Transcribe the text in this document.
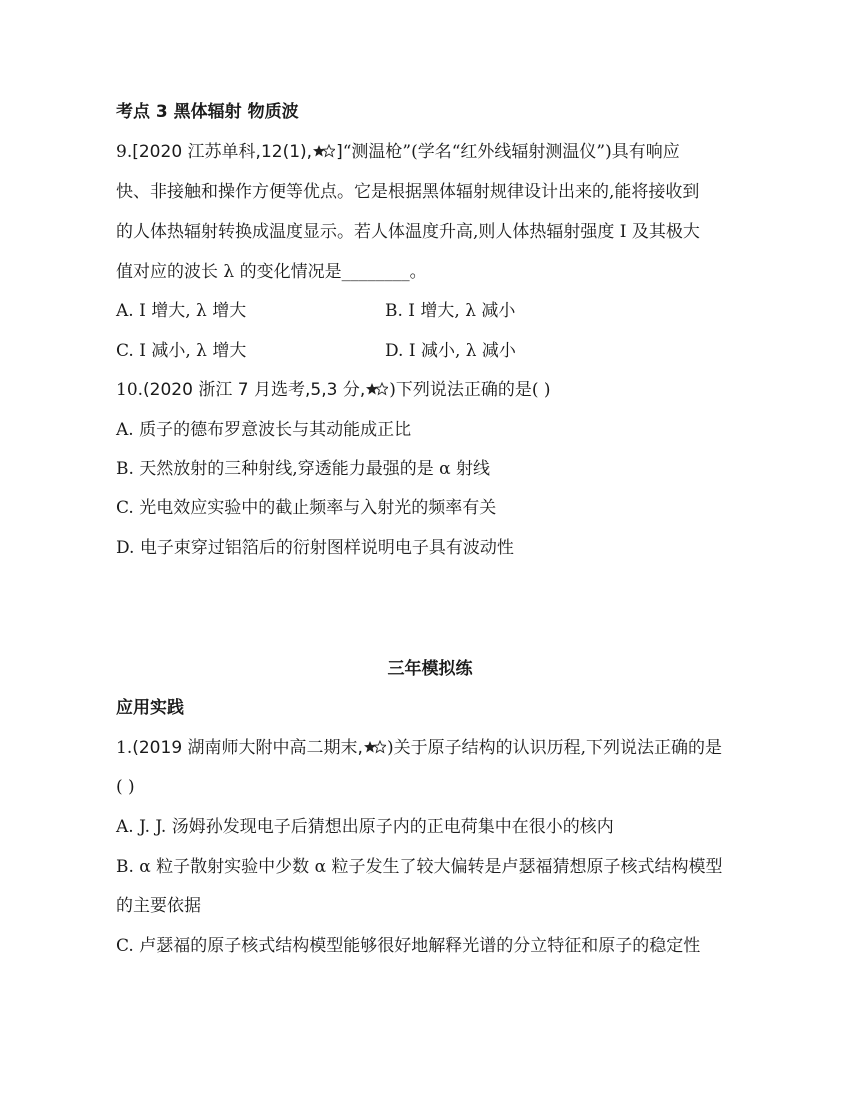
考点 3 黑体辐射 物质波
9.[2020 江苏单科,12(1), ]“测温枪”(学名“红外线辐射测温仪”)具有响应
快、非接触和操作方便等优点。它是根据黑体辐射规律设计出来的,能将接收到
的人体热辐射转换成温度显示。若人体温度升高,则人体热辐射强度 I 及其极大
值对应的波长 λ 的变化情况是________。
A. I 增大, λ 增大	B. I 增大, λ 减小
C. I 减小, λ 增大	D. I 减小, λ 减小
10.(2020 浙江 7 月选考,5,3 分, )下列说法正确的是( )
A. 质子的德布罗意波长与其动能成正比
B. 天然放射的三种射线,穿透能力最强的是 α 射线
C. 光电效应实验中的截止频率与入射光的频率有关
D. 电子束穿过铝箔后的衍射图样说明电子具有波动性
三年模拟练
应用实践
1.(2019 湖南师大附中高二期末, )关于原子结构的认识历程,下列说法正确的是
( )
A. J. J. 汤姆孙发现电子后猜想出原子内的正电荷集中在很小的核内
B. α 粒子散射实验中少数 α 粒子发生了较大偏转是卢瑟福猜想原子核式结构模型
的主要依据
C. 卢瑟福的原子核式结构模型能够很好地解释光谱的分立特征和原子的稳定性
